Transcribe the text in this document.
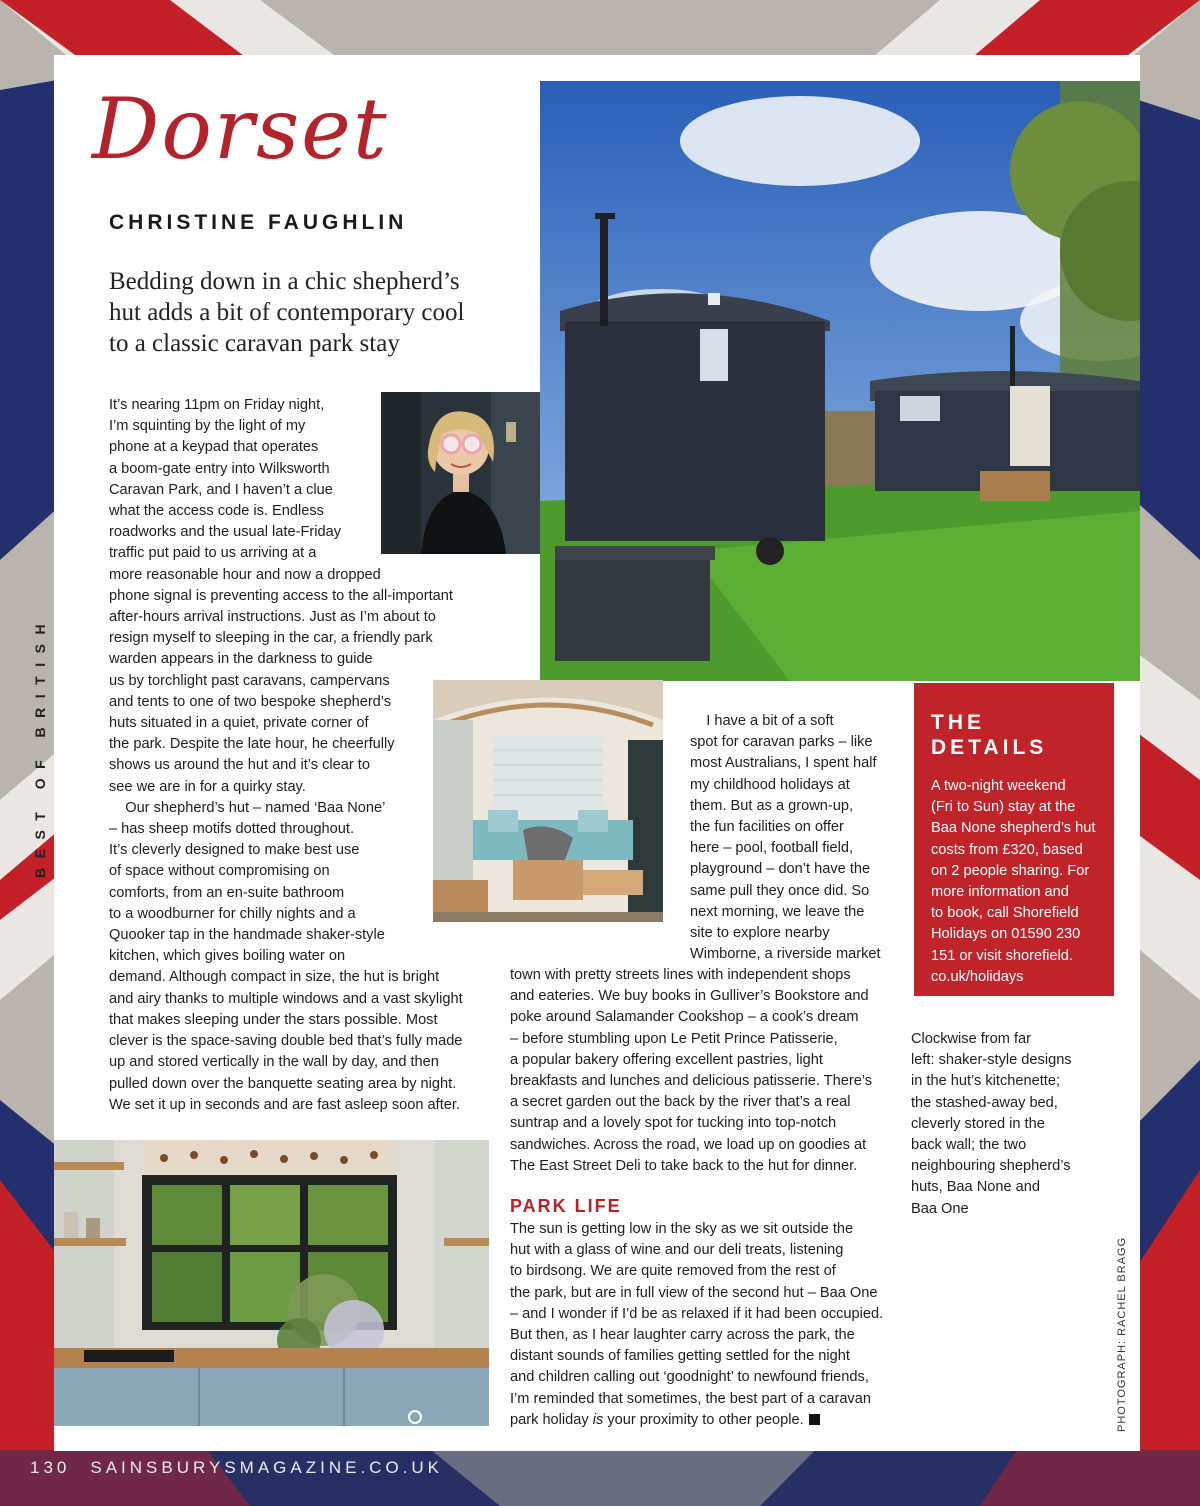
BEST OF BRITISH
Dorset
CHRISTINE FAUGHLIN
Bedding down in a chic shepherd’s
hut adds a bit of contemporary cool
to a classic caravan park stay
It’s nearing 11pm on Friday night,
I’m squinting by the light of my
phone at a keypad that operates
a boom-gate entry into Wilksworth
Caravan Park, and I haven’t a clue
what the access code is. Endless
roadworks and the usual late-Friday
traffic put paid to us arriving at a
more reasonable hour and now a dropped
phone signal is preventing access to the all-important
after-hours arrival instructions. Just as I’m about to
resign myself to sleeping in the car, a friendly park
warden appears in the darkness to guide
us by torchlight past caravans, campervans
and tents to one of two bespoke shepherd’s
huts situated in a quiet, private corner of
the park. Despite the late hour, he cheerfully
shows us around the hut and it’s clear to
see we are in for a quirky stay.
Our shepherd’s hut – named ‘Baa None’
– has sheep motifs dotted throughout.
It’s cleverly designed to make best use
of space without compromising on
comforts, from an en-suite bathroom
to a woodburner for chilly nights and a
Quooker tap in the handmade shaker-style
kitchen, which gives boiling water on
demand. Although compact in size, the hut is bright
and airy thanks to multiple windows and a vast skylight
that makes sleeping under the stars possible. Most
clever is the space-saving double bed that’s fully made
up and stored vertically in the wall by day, and then
pulled down over the banquette seating area by night.
We set it up in seconds and are fast asleep soon after.
I have a bit of a soft
spot for caravan parks – like
most Australians, I spent half
my childhood holidays at
them. But as a grown-up,
the fun facilities on offer
here – pool, football field,
playground – don’t have the
same pull they once did. So
next morning, we leave the
site to explore nearby
Wimborne, a riverside market
town with pretty streets lines with independent shops
and eateries. We buy books in Gulliver’s Bookstore and
poke around Salamander Cookshop – a cook’s dream
– before stumbling upon Le Petit Prince Patisserie,
a popular bakery offering excellent pastries, light
breakfasts and lunches and delicious patisserie. There’s
a secret garden out the back by the river that’s a real
suntrap and a lovely spot for tucking into top-notch
sandwiches. Across the road, we load up on goodies at
The East Street Deli to take back to the hut for dinner.
PARK LIFE
The sun is getting low in the sky as we sit outside the
hut with a glass of wine and our deli treats, listening
to birdsong. We are quite removed from the rest of
the park, but are in full view of the second hut – Baa One
– and I wonder if I’d be as relaxed if it had been occupied.
But then, as I hear laughter carry across the park, the
distant sounds of families getting settled for the night
and children calling out ‘goodnight’ to newfound friends,
I’m reminded that sometimes, the best part of a caravan
park holiday is your proximity to other people.
THE
DETAILS
A two-night weekend
(Fri to Sun) stay at the
Baa None shepherd’s hut
costs from £320, based
on 2 people sharing. For
more information and
to book, call Shorefield
Holidays on 01590 230
151 or visit shorefield.
co.uk/holidays
Clockwise from far
left: shaker-style designs
in the hut’s kitchenette;
the stashed-away bed,
cleverly stored in the
back wall; the two
neighbouring shepherd’s
huts, Baa None and
Baa One
PHOTOGRAPH: RACHEL BRAGG
130 SAINSBURYSMAGAZINE.CO.UK
